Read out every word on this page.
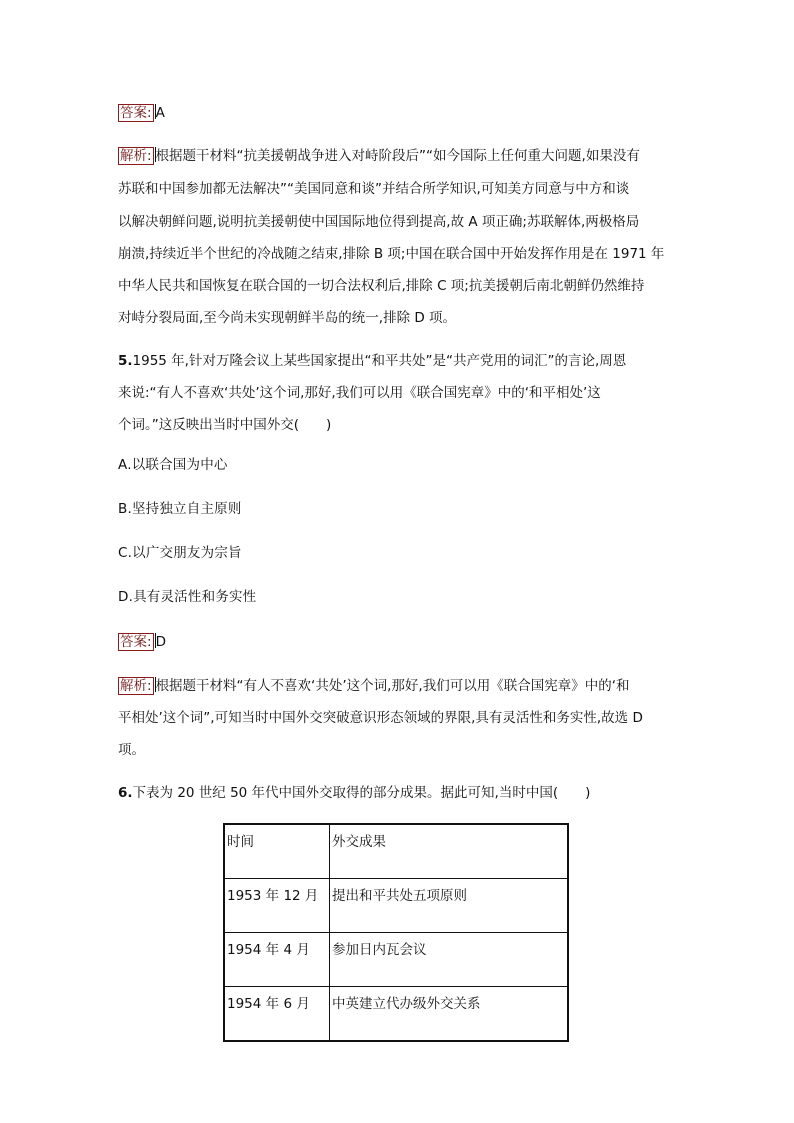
答案: A
解析: 根据题干材料“抗美援朝战争进入对峙阶段后”“如今国际上任何重大问题,如果没有
苏联和中国参加都无法解决”“美国同意和谈”并结合所学知识,可知美方同意与中方和谈
以解决朝鲜问题,说明抗美援朝使中国国际地位得到提高,故 A 项正确;苏联解体,两极格局
崩溃,持续近半个世纪的冷战随之结束,排除 B 项;中国在联合国中开始发挥作用是在 1971 年
中华人民共和国恢复在联合国的一切合法权利后,排除 C 项;抗美援朝后南北朝鲜仍然维持
对峙分裂局面,至今尚未实现朝鲜半岛的统一,排除 D 项。
5.1955 年,针对万隆会议上某些国家提出“和平共处”是“共产党用的词汇”的言论,周恩
来说:“有人不喜欢‘共处’这个词,那好,我们可以用《联合国宪章》中的‘和平相处’这
个词。”这反映出当时中国外交(　　)
A.以联合国为中心
B.坚持独立自主原则
C.以广交朋友为宗旨
D.具有灵活性和务实性
答案: D
解析: 根据题干材料“有人不喜欢‘共处’这个词,那好,我们可以用《联合国宪章》中的‘和
平相处’这个词”,可知当时中国外交突破意识形态领域的界限,具有灵活性和务实性,故选 D
项。
6.下表为 20 世纪 50 年代中国外交取得的部分成果。据此可知,当时中国(　　)
时间	外交成果
1953 年 12 月	提出和平共处五项原则
1954 年 4 月	参加日内瓦会议
1954 年 6 月	中英建立代办级外交关系
